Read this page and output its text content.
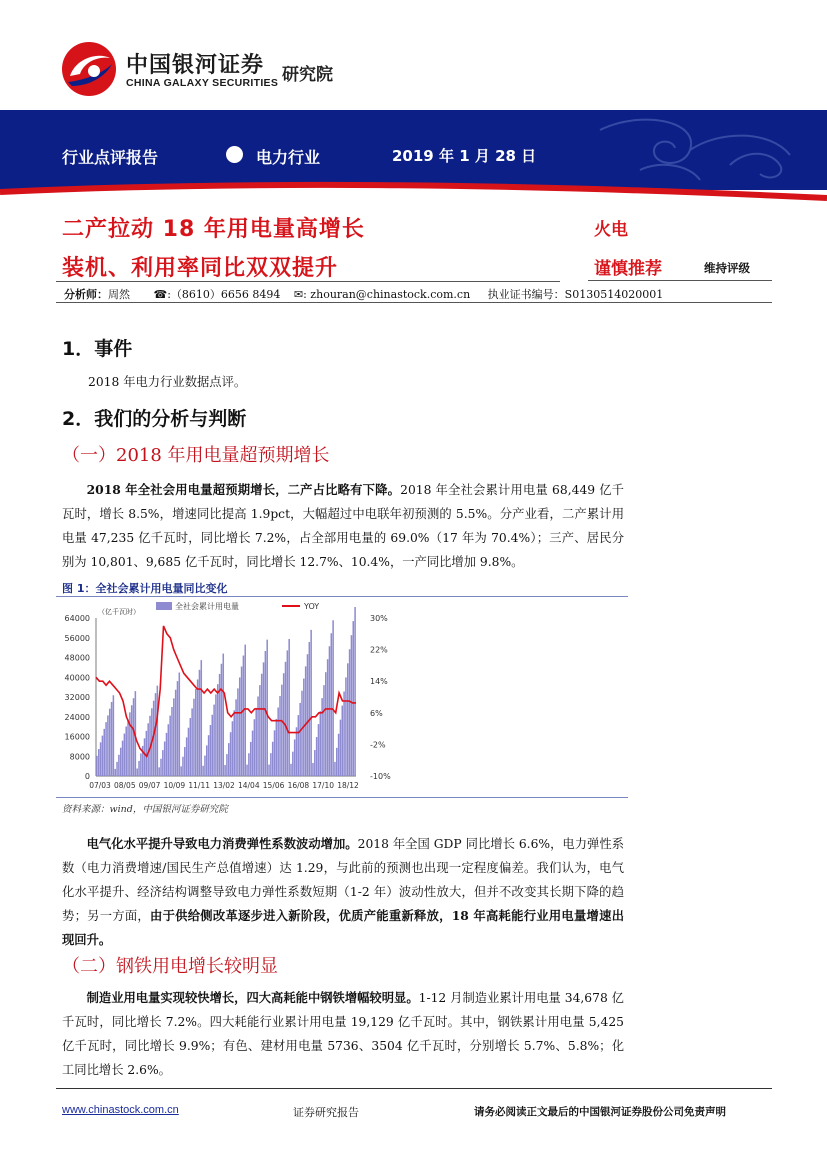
中国银河证券
CHINA GALAXY SECURITIES 研究院
行业点评报告	电力行业	2019 年 1 月 28 日
二产拉动 18 年用电量高增长
装机、利用率同比双双提升
火电
谨慎推荐	维持评级
分析师：周然 ☎:（8610）6656 8494 ✉: zhouran@chinastock.com.cn 执业证书编号：S0130514020001
1．事件
2018 年电力行业数据点评。
2．我们的分析与判断
（一）2018 年用电量超预期增长
2018 年全社会用电量超预期增长，二产占比略有下降。2018 年全社会累计用电量 68,449 亿千瓦时，增长 8.5%，增速同比提高 1.9pct，大幅超过中电联年初预测的 5.5%。分产业看，二产累计用电量 47,235 亿千瓦时，同比增长 7.2%，占全部用电量的 69.0%（17 年为 70.4%）；三产、居民分别为 10,801、9,685 亿千瓦时，同比增长 12.7%、10.4%，一产同比增加 9.8%。
图 1：全社会累计用电量同比变化
64000
56000
48000
40000
32000
24000
16000
8000
0
30%
22%
14%
6%
-2%
-10%
（亿千瓦时）
07/03 08/05 09/07 10/09 11/11 13/02 14/04 15/06 16/08 17/10 18/12
全社会累计用电量	YOY
资料来源：wind，中国银河证券研究院
电气化水平提升导致电力消费弹性系数波动增加。2018 年全国 GDP 同比增长 6.6%，电力弹性系数（电力消费增速/国民生产总值增速）达 1.29，与此前的预测也出现一定程度偏差。我们认为，电气化水平提升、经济结构调整导致电力弹性系数短期（1-2 年）波动性放大，但并不改变其长期下降的趋势；另一方面，由于供给侧改革逐步进入新阶段，优质产能重新释放，18 年高耗能行业用电量增速出现回升。
（二）钢铁用电增长较明显
制造业用电量实现较快增长，四大高耗能中钢铁增幅较明显。1-12 月制造业累计用电量 34,678 亿千瓦时，同比增长 7.2%。四大耗能行业累计用电量 19,129 亿千瓦时。其中，钢铁累计用电量 5,425 亿千瓦时，同比增长 9.9%；有色、建材用电量 5736、3504 亿千瓦时，分别增长 5.7%、5.8%；化工同比增长 2.6%。
www.chinastock.com.cn	证券研究报告	请务必阅读正文最后的中国银河证券股份公司免责声明
